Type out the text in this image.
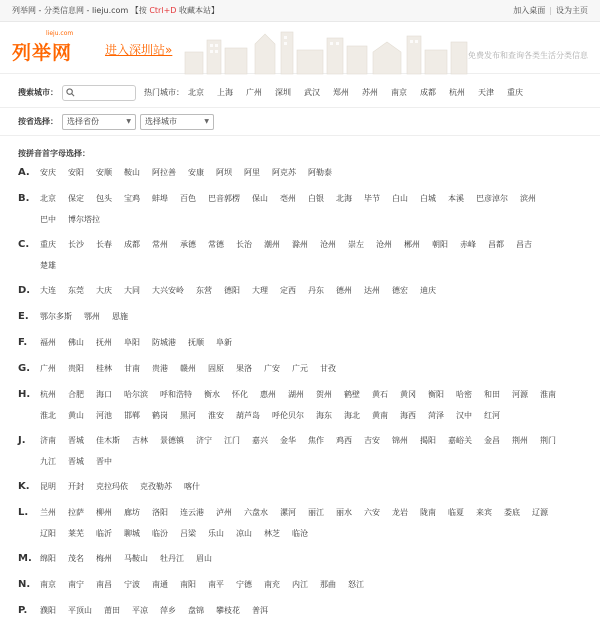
列举网 - 分类信息网 - lieju.com 【按 Ctrl+D 收藏本站】	加入桌面 | 设为主页
lieju.com
列举网	进入深圳站»	免费发布和查询各类生活分类信息
搜索城市：	热门城市： 北京 上海 广州 深圳 武汉 郑州 苏州 南京 成都 杭州 天津 重庆
按省选择： 选择省份	▼ 选择城市	▼
按拼音首字母选择：
A.	安庆 安阳 安顺 鞍山 阿拉善 安康 阿坝 阿里 阿克苏 阿勒泰
B.	北京 保定 包头 宝鸡 蚌埠 百色 巴音郭楞 保山 亳州 白银 北海 毕节 白山 白城 本溪 巴彦淖尔 滨州
巴中 博尔塔拉
C.	重庆 长沙 长春 成都 常州 承德 常德 长治 潮州 滁州 沧州 崇左 沧州 郴州 朝阳 赤峰 昌都 昌吉
楚雄
D.	大连 东莞 大庆 大同 大兴安岭 东营 德阳 大理 定西 丹东 德州 达州 德宏 迪庆
E.	鄂尔多斯 鄂州 恩施
F.	福州 佛山 抚州 阜阳 防城港 抚顺 阜新
G.	广州 贵阳 桂林 甘南 贵港 赣州 固原 果洛 广安 广元 甘孜
H.	杭州 合肥 海口 哈尔滨 呼和浩特 衡水 怀化 惠州 湖州 贺州 鹤壁 黄石 黄冈 衡阳 哈密 和田 河源 淮南
淮北 黄山 河池 邯郸 鹤岗 黑河 淮安 葫芦岛 呼伦贝尔 海东 海北 黄南 海西 菏泽 汉中 红河
J.	济南 晋城 佳木斯 吉林 景德镇 济宁 江门 嘉兴 金华 焦作 鸡西 吉安 锦州 揭阳 嘉峪关 金昌 荆州 荆门
九江 晋城 晋中
K.	昆明 开封 克拉玛依 克孜勒苏 喀什
L.	兰州 拉萨 柳州 廊坊 洛阳 连云港 泸州 六盘水 漯河 丽江 丽水 六安 龙岩 陇南 临夏 来宾 娄底 辽源
辽阳 莱芜 临沂 聊城 临汾 吕梁 乐山 凉山 林芝 临沧
M.	绵阳 茂名 梅州 马鞍山 牡丹江 眉山
N.	南京 南宁 南昌 宁波 南通 南阳 南平 宁德 南充 内江 那曲 怒江
P.	濮阳 平顶山 莆田 平凉 萍乡 盘锦 攀枝花 普洱
